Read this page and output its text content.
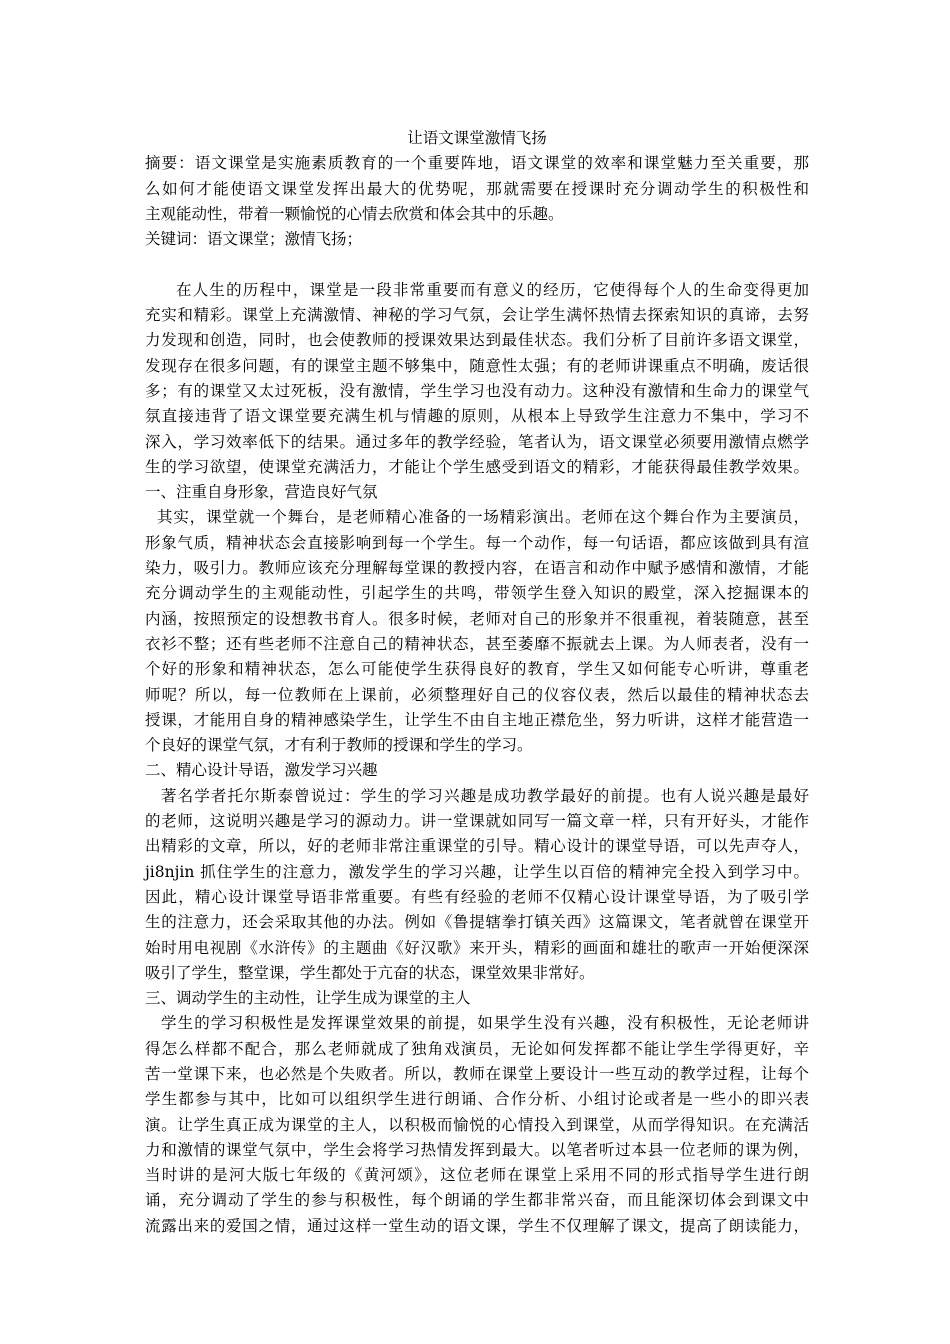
让语文课堂激情飞扬
摘要：语文课堂是实施素质教育的一个重要阵地，语文课堂的效率和课堂魅力至关重要，那
么如何才能使语文课堂发挥出最大的优势呢，那就需要在授课时充分调动学生的积极性和
主观能动性，带着一颗愉悦的心情去欣赏和体会其中的乐趣。
关键词：语文课堂；激情飞扬；
在人生的历程中，课堂是一段非常重要而有意义的经历，它使得每个人的生命变得更加
充实和精彩。课堂上充满激情、神秘的学习气氛，会让学生满怀热情去探索知识的真谛，去努
力发现和创造，同时，也会使教师的授课效果达到最佳状态。我们分析了目前许多语文课堂，
发现存在很多问题，有的课堂主题不够集中，随意性太强；有的老师讲课重点不明确，废话很
多；有的课堂又太过死板，没有激情，学生学习也没有动力。这种没有激情和生命力的课堂气
氛直接违背了语文课堂要充满生机与情趣的原则，从根本上导致学生注意力不集中，学习不
深入，学习效率低下的结果。通过多年的教学经验，笔者认为，语文课堂必须要用激情点燃学
生的学习欲望，使课堂充满活力，才能让个学生感受到语文的精彩，才能获得最佳教学效果。
一、注重自身形象，营造良好气氛
其实，课堂就一个舞台，是老师精心准备的一场精彩演出。老师在这个舞台作为主要演员，
形象气质，精神状态会直接影响到每一个学生。每一个动作，每一句话语，都应该做到具有渲
染力，吸引力。教师应该充分理解每堂课的教授内容，在语言和动作中赋予感情和激情，才能
充分调动学生的主观能动性，引起学生的共鸣，带领学生登入知识的殿堂，深入挖掘课本的
内涵，按照预定的设想教书育人。很多时候，老师对自己的形象并不很重视，着装随意，甚至
衣衫不整；还有些老师不注意自己的精神状态，甚至萎靡不振就去上课。为人师表者，没有一
个好的形象和精神状态，怎么可能使学生获得良好的教育，学生又如何能专心听讲，尊重老
师呢？所以，每一位教师在上课前，必须整理好自己的仪容仪表，然后以最佳的精神状态去
授课，才能用自身的精神感染学生，让学生不由自主地正襟危坐，努力听讲，这样才能营造一
个良好的课堂气氛，才有利于教师的授课和学生的学习。
二、精心设计导语，激发学习兴趣
著名学者托尔斯泰曾说过：学生的学习兴趣是成功教学最好的前提。也有人说兴趣是最好
的老师，这说明兴趣是学习的源动力。讲一堂课就如同写一篇文章一样，只有开好头，才能作
出精彩的文章，所以，好的老师非常注重课堂的引导。精心设计的课堂导语，可以先声夺人，
ji8njin 抓住学生的注意力，激发学生的学习兴趣，让学生以百倍的精神完全投入到学习中。
因此，精心设计课堂导语非常重要。有些有经验的老师不仅精心设计课堂导语，为了吸引学
生的注意力，还会采取其他的办法。例如《鲁提辖拳打镇关西》这篇课文，笔者就曾在课堂开
始时用电视剧《水浒传》的主题曲《好汉歌》来开头，精彩的画面和雄壮的歌声一开始便深深
吸引了学生，整堂课，学生都处于亢奋的状态，课堂效果非常好。
三、调动学生的主动性，让学生成为课堂的主人
学生的学习积极性是发挥课堂效果的前提，如果学生没有兴趣，没有积极性，无论老师讲
得怎么样都不配合，那么老师就成了独角戏演员，无论如何发挥都不能让学生学得更好，辛
苦一堂课下来，也必然是个失败者。所以，教师在课堂上要设计一些互动的教学过程，让每个
学生都参与其中，比如可以组织学生进行朗诵、合作分析、小组讨论或者是一些小的即兴表
演。让学生真正成为课堂的主人，以积极而愉悦的心情投入到课堂，从而学得知识。在充满活
力和激情的课堂气氛中，学生会将学习热情发挥到最大。以笔者听过本县一位老师的课为例，
当时讲的是河大版七年级的《黄河颂》，这位老师在课堂上采用不同的形式指导学生进行朗
诵，充分调动了学生的参与积极性，每个朗诵的学生都非常兴奋，而且能深切体会到课文中
流露出来的爱国之情，通过这样一堂生动的语文课，学生不仅理解了课文，提高了朗读能力，
